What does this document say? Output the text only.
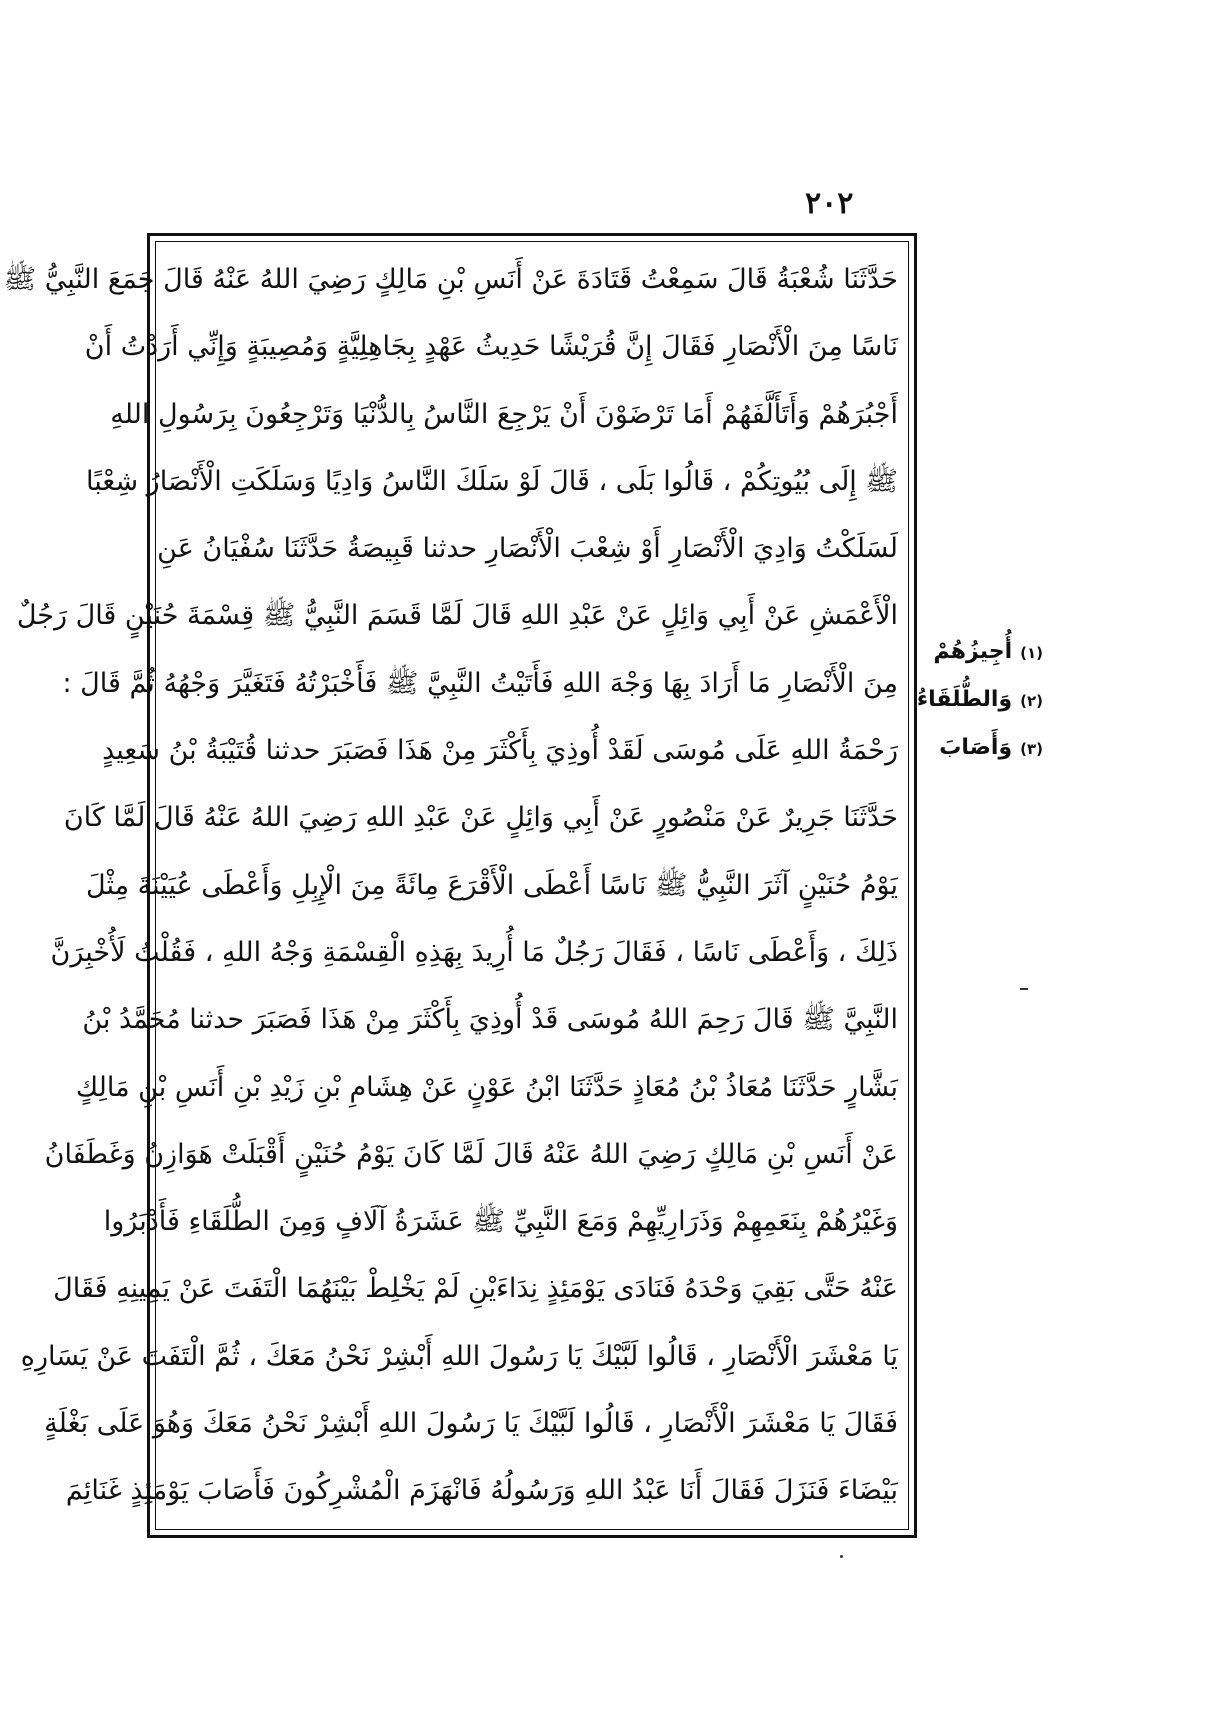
٢٠٢
حَدَّثَنَا شُعْبَةُ قَالَ سَمِعْتُ قَتَادَةَ عَنْ أَنَسِ بْنِ مَالِكٍ رَضِيَ اللهُ عَنْهُ قَالَ جَمَعَ النَّبِيُّ ﷺ
نَاسًا مِنَ الْأَنْصَارِ فَقَالَ إِنَّ قُرَيْشًا حَدِيثُ عَهْدٍ بِجَاهِلِيَّةٍ وَمُصِيبَةٍ وَإِنِّي أَرَدْتُ أَنْ
أَجْبُرَهُمْ وَأَتَأَلَّفَهُمْ أَمَا تَرْضَوْنَ أَنْ يَرْجِعَ النَّاسُ بِالدُّنْيَا وَتَرْجِعُونَ بِرَسُولِ اللهِ
ﷺ إِلَى بُيُوتِكُمْ ، قَالُوا بَلَى ، قَالَ لَوْ سَلَكَ النَّاسُ وَادِيًا وَسَلَكَتِ الْأَنْصَارُ شِعْبًا
لَسَلَكْتُ وَادِيَ الْأَنْصَارِ أَوْ شِعْبَ الْأَنْصَارِ حدثنا قَبِيصَةُ حَدَّثَنَا سُفْيَانُ عَنِ
الْأَعْمَشِ عَنْ أَبِي وَائِلٍ عَنْ عَبْدِ اللهِ قَالَ لَمَّا قَسَمَ النَّبِيُّ ﷺ قِسْمَةَ حُنَيْنٍ قَالَ رَجُلٌ
مِنَ الْأَنْصَارِ مَا أَرَادَ بِهَا وَجْهَ اللهِ فَأَتَيْتُ النَّبِيَّ ﷺ فَأَخْبَرْتُهُ فَتَغَيَّرَ وَجْهُهُ ثُمَّ قَالَ :
رَحْمَةُ اللهِ عَلَى مُوسَى لَقَدْ أُوذِيَ بِأَكْثَرَ مِنْ هَذَا فَصَبَرَ حدثنا قُتَيْبَةُ بْنُ سَعِيدٍ
حَدَّثَنَا جَرِيرٌ عَنْ مَنْصُورٍ عَنْ أَبِي وَائِلٍ عَنْ عَبْدِ اللهِ رَضِيَ اللهُ عَنْهُ قَالَ لَمَّا كَانَ
يَوْمُ حُنَيْنٍ آثَرَ النَّبِيُّ ﷺ نَاسًا أَعْطَى الْأَقْرَعَ مِائَةً مِنَ الْإِبِلِ وَأَعْطَى عُيَيْنَةَ مِثْلَ
ذَلِكَ ، وَأَعْطَى نَاسًا ، فَقَالَ رَجُلٌ مَا أُرِيدَ بِهَذِهِ الْقِسْمَةِ وَجْهُ اللهِ ، فَقُلْتُ لَأُخْبِرَنَّ
النَّبِيَّ ﷺ قَالَ رَحِمَ اللهُ مُوسَى قَدْ أُوذِيَ بِأَكْثَرَ مِنْ هَذَا فَصَبَرَ حدثنا مُحَمَّدُ بْنُ
بَشَّارٍ حَدَّثَنَا مُعَاذُ بْنُ مُعَاذٍ حَدَّثَنَا ابْنُ عَوْنٍ عَنْ هِشَامِ بْنِ زَيْدِ بْنِ أَنَسِ بْنِ مَالِكٍ
عَنْ أَنَسِ بْنِ مَالِكٍ رَضِيَ اللهُ عَنْهُ قَالَ لَمَّا كَانَ يَوْمُ حُنَيْنٍ أَقْبَلَتْ هَوَازِنُ وَغَطَفَانُ
وَغَيْرُهُمْ بِنَعَمِهِمْ وَذَرَارِيِّهِمْ وَمَعَ النَّبِيِّ ﷺ عَشَرَةُ آلَافٍ وَمِنَ الطُّلَقَاءِ فَأَدْبَرُوا
عَنْهُ حَتَّى بَقِيَ وَحْدَهُ فَنَادَى يَوْمَئِذٍ نِدَاءَيْنِ لَمْ يَخْلِطْ بَيْنَهُمَا الْتَفَتَ عَنْ يَمِينِهِ فَقَالَ
يَا مَعْشَرَ الْأَنْصَارِ ، قَالُوا لَبَّيْكَ يَا رَسُولَ اللهِ أَبْشِرْ نَحْنُ مَعَكَ ، ثُمَّ الْتَفَتَ عَنْ يَسَارِهِ
فَقَالَ يَا مَعْشَرَ الْأَنْصَارِ ، قَالُوا لَبَّيْكَ يَا رَسُولَ اللهِ أَبْشِرْ نَحْنُ مَعَكَ وَهُوَ عَلَى بَغْلَةٍ
بَيْضَاءَ فَنَزَلَ فَقَالَ أَنَا عَبْدُ اللهِ وَرَسُولُهُ فَانْهَزَمَ الْمُشْرِكُونَ فَأَصَابَ يَوْمَئِذٍ غَنَائِمَ
(١)أُجِيزُهُمْ
(٢)وَالطُّلَقَاءُ
(٣)وَأَصَابَ
